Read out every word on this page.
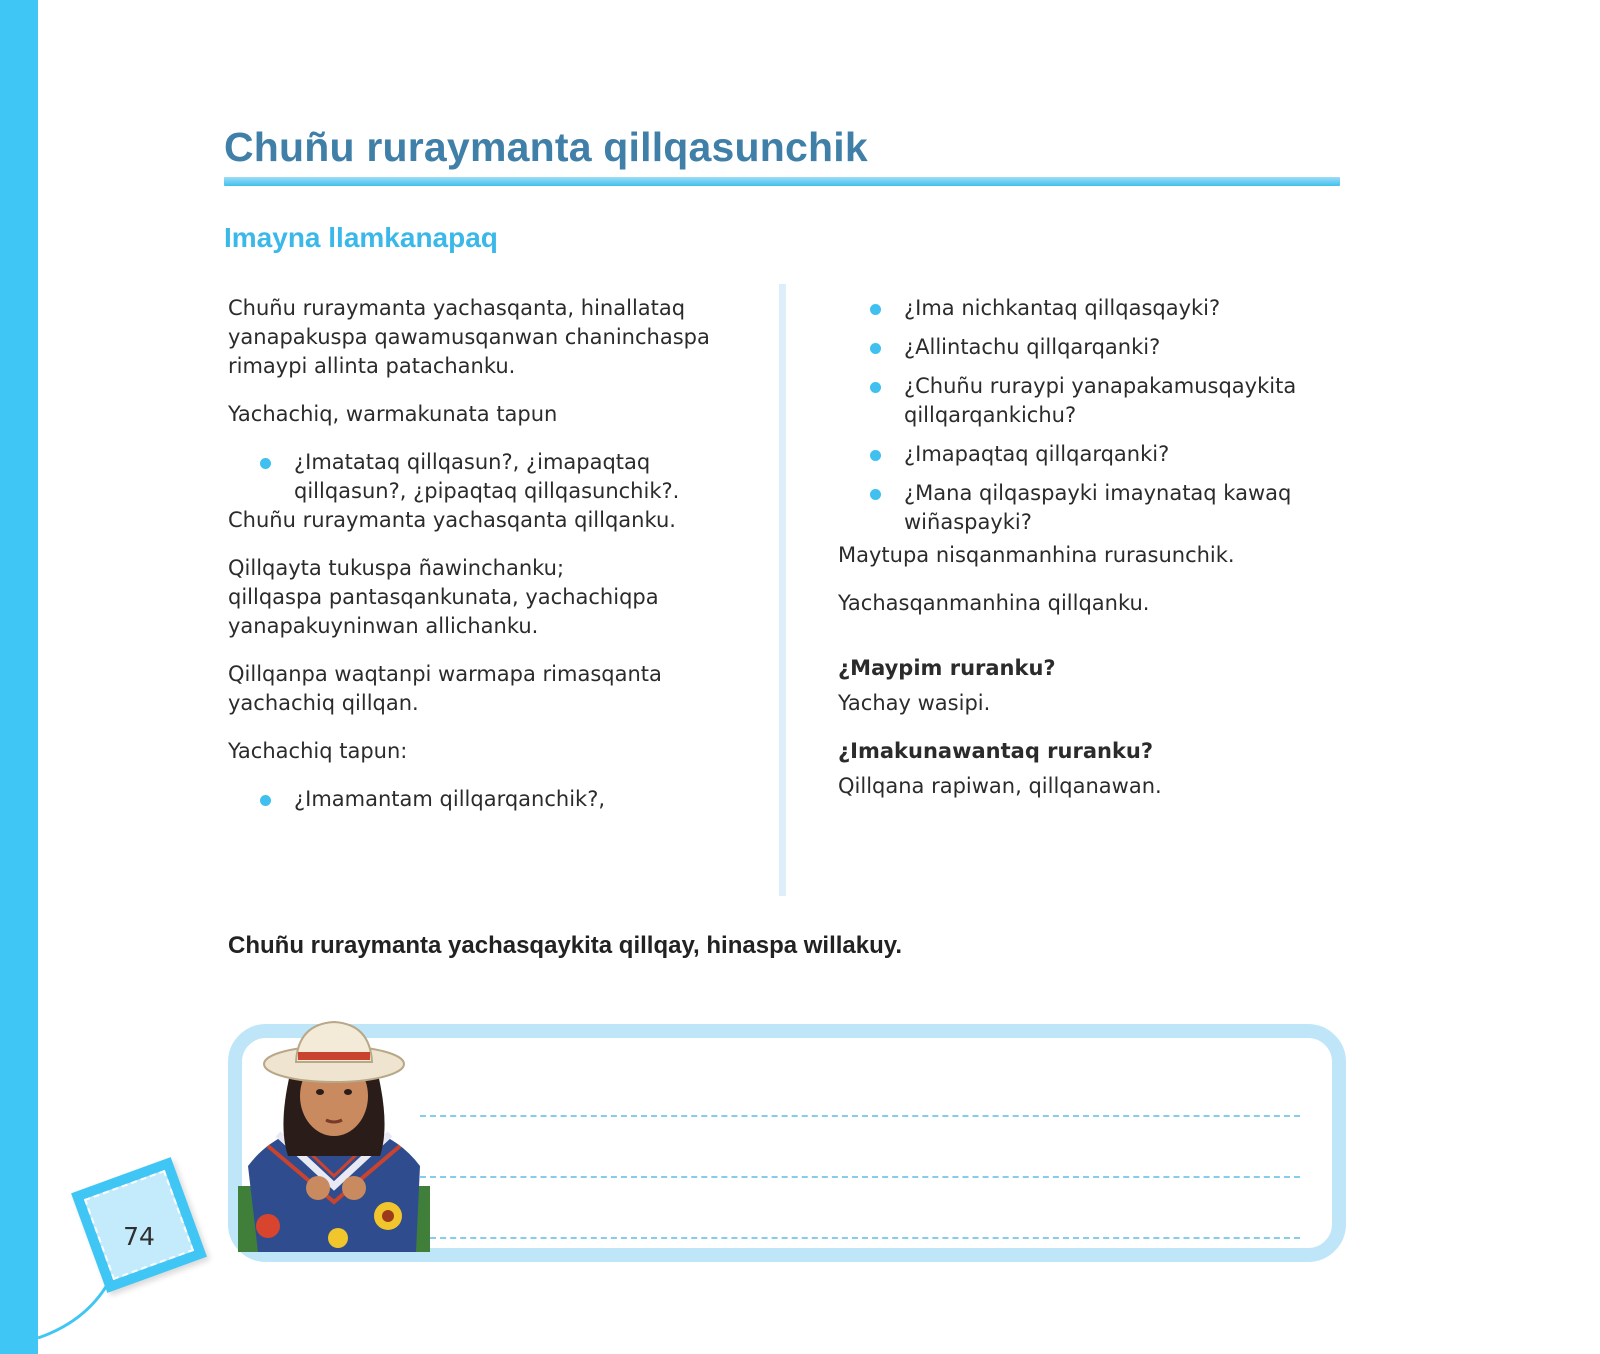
Chuñu ruraymanta qillqasunchik
Imayna llamkanapaq

Chuñu ruraymanta yachasqanta, hinallataq yanapakuspa qawamusqanwan chaninchaspa rimaypi allinta patachanku.

Yachachiq, warmakunata tapun

¿Imatataq qillqasun?, ¿imapaqtaq qillqasun?, ¿pipaqtaq qillqasunchik?.

Chuñu ruraymanta yachasqanta qillqanku.

Qillqayta tukuspa ñawinchanku;

qillqaspa pantasqankunata, yachachiqpa yanapakuyninwan allichanku.

Qillqanpa waqtanpi warmapa rimasqanta yachachiq qillqan.

Yachachiq tapun:

¿Imamantam qillqarqanchik?,
¿Ima nichkantaq qillqasqayki?
¿Allintachu qillqarqanki?
¿Chuñu ruraypi yanapakamusqaykita qillqarqankichu?
¿Imapaqtaq qillqarqanki?
¿Mana qilqaspayki imaynataq kawaq wiñaspayki?

Maytupa nisqanmanhina rurasunchik.

Yachasqanmanhina qillqanku.

¿Maypim ruranku?

Yachay wasipi.

¿Imakunawantaq ruranku?

Qillqana rapiwan, qillqanawan.

Chuñu ruraymanta yachasqaykita qillqay, hinaspa willakuy.

74
